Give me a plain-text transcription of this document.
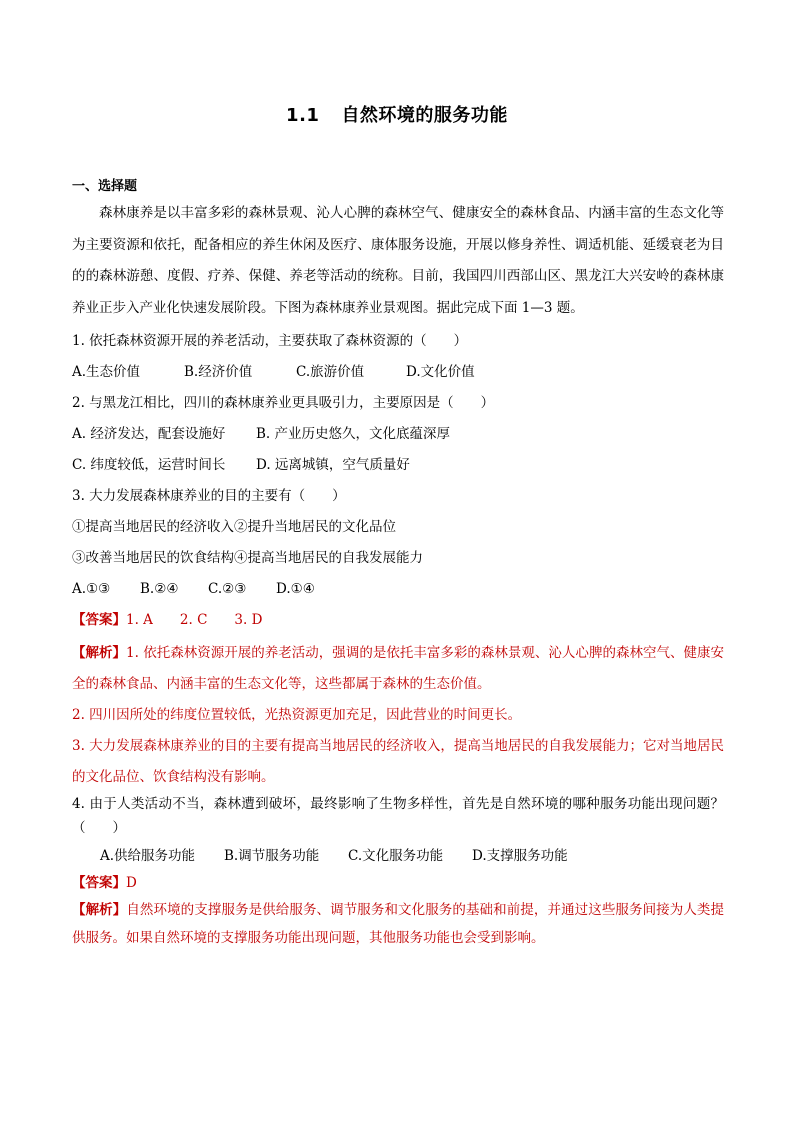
1.1 自然环境的服务功能
一、选择题
森林康养是以丰富多彩的森林景观、沁人心脾的森林空气、健康安全的森林食品、内涵丰富的生态文化等为主要资源和依托，配备相应的养生休闲及医疗、康体服务设施，开展以修身养性、调适机能、延缓衰老为目的的森林游憩、度假、疗养、保健、养老等活动的统称。目前，我国四川西部山区、黑龙江大兴安岭的森林康养业正步入产业化快速发展阶段。下图为森林康养业景观图。据此完成下面 1—3 题。
1. 依托森林资源开展的养老活动，主要获取了森林资源的（　　）
A.生态价值	B.经济价值	C.旅游价值	D.文化价值
2. 与黑龙江相比，四川的森林康养业更具吸引力，主要原因是（　　）
A. 经济发达，配套设施好 B. 产业历史悠久，文化底蕴深厚
C. 纬度较低，运营时间长 D. 远离城镇，空气质量好
3. 大力发展森林康养业的目的主要有（　　）
①提高当地居民的经济收入②提升当地居民的文化品位
③改善当地居民的饮食结构④提高当地居民的自我发展能力
A.①③ B.②④ C.②③ D.①④
【答案】1. A　　2. C　　3. D
【解析】1. 依托森林资源开展的养老活动，强调的是依托丰富多彩的森林景观、沁人心脾的森林空气、健康安全的森林食品、内涵丰富的生态文化等，这些都属于森林的生态价值。
2. 四川因所处的纬度位置较低，光热资源更加充足，因此营业的时间更长。
3. 大力发展森林康养业的目的主要有提高当地居民的经济收入，提高当地居民的自我发展能力；它对当地居民的文化品位、饮食结构没有影响。
4. 由于人类活动不当，森林遭到破坏，最终影响了生物多样性，首先是自然环境的哪种服务功能出现问题？（　　）
A.供给服务功能 B.调节服务功能 C.文化服务功能 D.支撑服务功能
【答案】D
【解析】自然环境的支撑服务是供给服务、调节服务和文化服务的基础和前提，并通过这些服务间接为人类提供服务。如果自然环境的支撑服务功能出现问题，其他服务功能也会受到影响。
